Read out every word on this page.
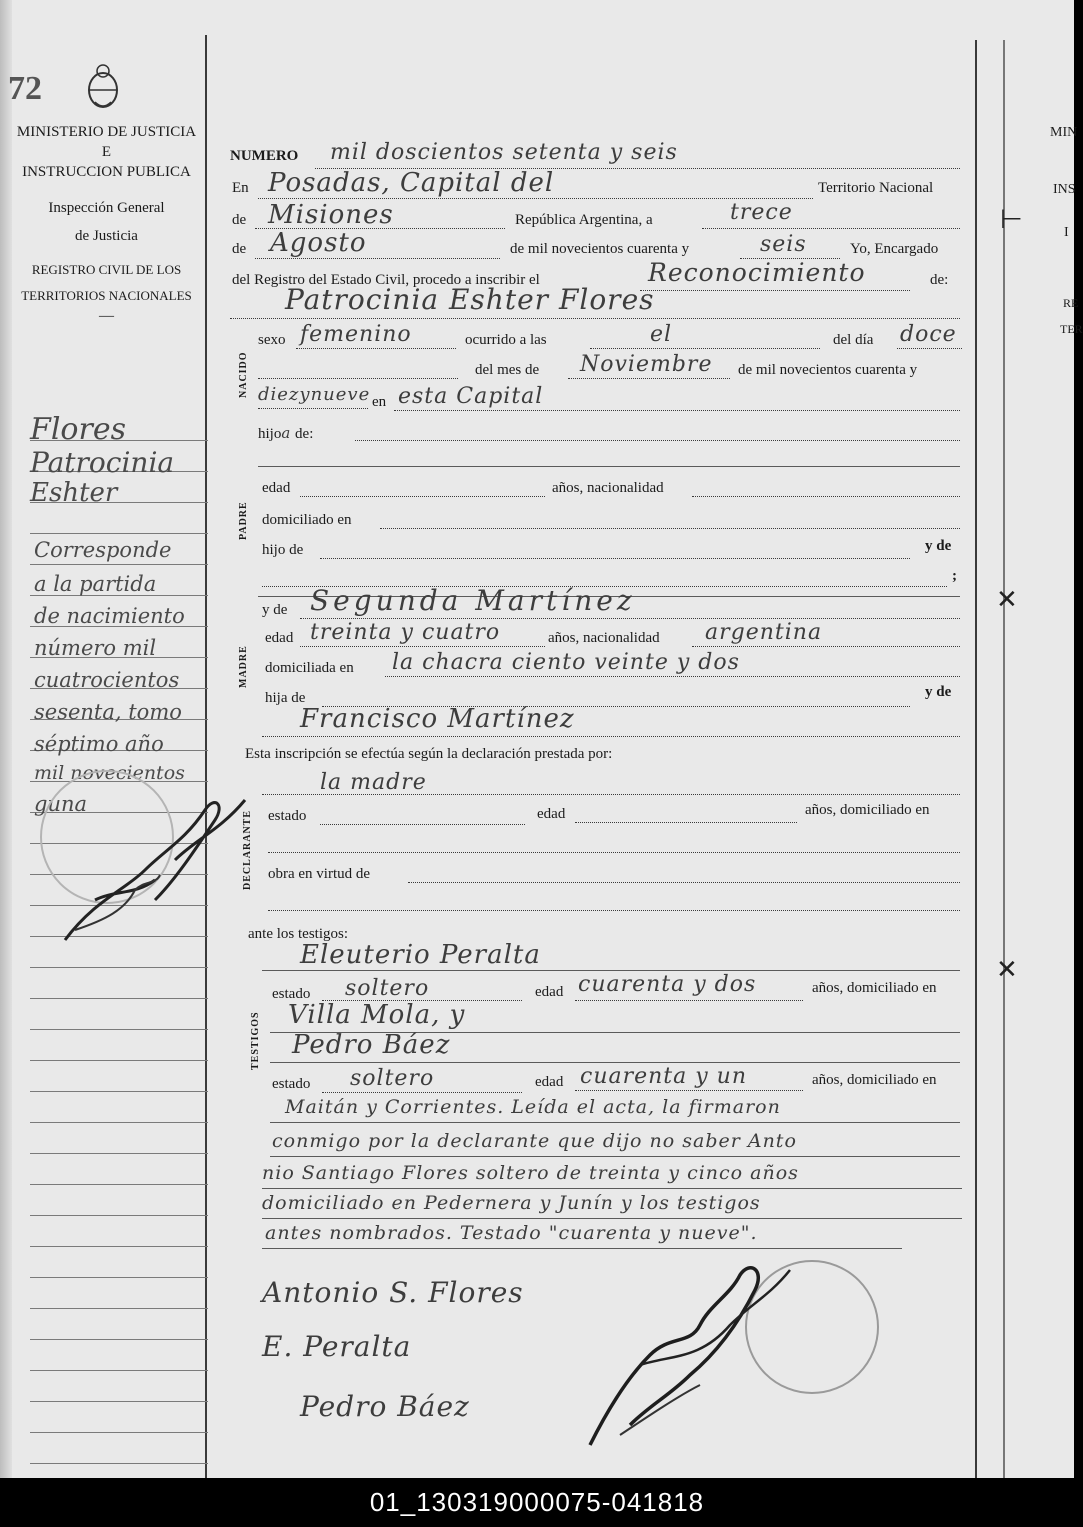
72
MINISTERIO DE JUSTICIA
E
INSTRUCCION PUBLICA
Inspección General
de Justicia
REGISTRO CIVIL DE LOS
TERRITORIOS NACIONALES
—
Flores
Patrocinia
Eshter
Corresponde
a la partida
de nacimiento
número mil
cuatrocientos
sesenta, tomo
séptimo año
mil novecientos
guna
NUMERO mil doscientos setenta y seis
En Posadas, Capital del	Territorio Nacional
de Misiones	República Argentina, a	trece
de Agosto	de mil novecientos cuarenta y	seis	Yo, Encargado
del Registro del Estado Civil, procedo a inscribir el	Reconocimiento	de:
Patrocinia Eshter Flores
NACIDO
sexo femenino	ocurrido a las	el	del día doce
del mes de Noviembre de mil novecientos cuarenta y
diezynueve en esta Capital
hijoa de:
PADRE
edad	años, nacionalidad
domiciliado en
hijo de	y de
;
MADRE
y de Segunda Martínez
edad treinta y cuatro	años, nacionalidad argentina
domiciliada en la chacra ciento veinte y dos
hija de	y de
Francisco Martínez
Esta inscripción se efectúa según la declaración prestada por:
la madre
DECLARANTE estado	edad	años, domiciliado en
obra en virtud de
ante los testigos:
Eleuterio Peralta
TESTIGOS
estado soltero	edad cuarenta y dos	años, domiciliado en
Villa Mola, y
Pedro Báez
estado soltero	edad cuarenta y un	años, domiciliado en
Maitán y Corrientes. Leída el acta, la firmaron
conmigo por la declarante que dijo no saber Anto
nio Santiago Flores soltero de treinta y cinco años
domiciliado en Pedernera y Junín y los testigos
antes nombrados. Testado "cuarenta y nueve".
Antonio S. Flores
E. Peralta
Pedro Báez
⊢
✕
✕
MIN
INS
I
RE
TER
01_130319000075-041818
